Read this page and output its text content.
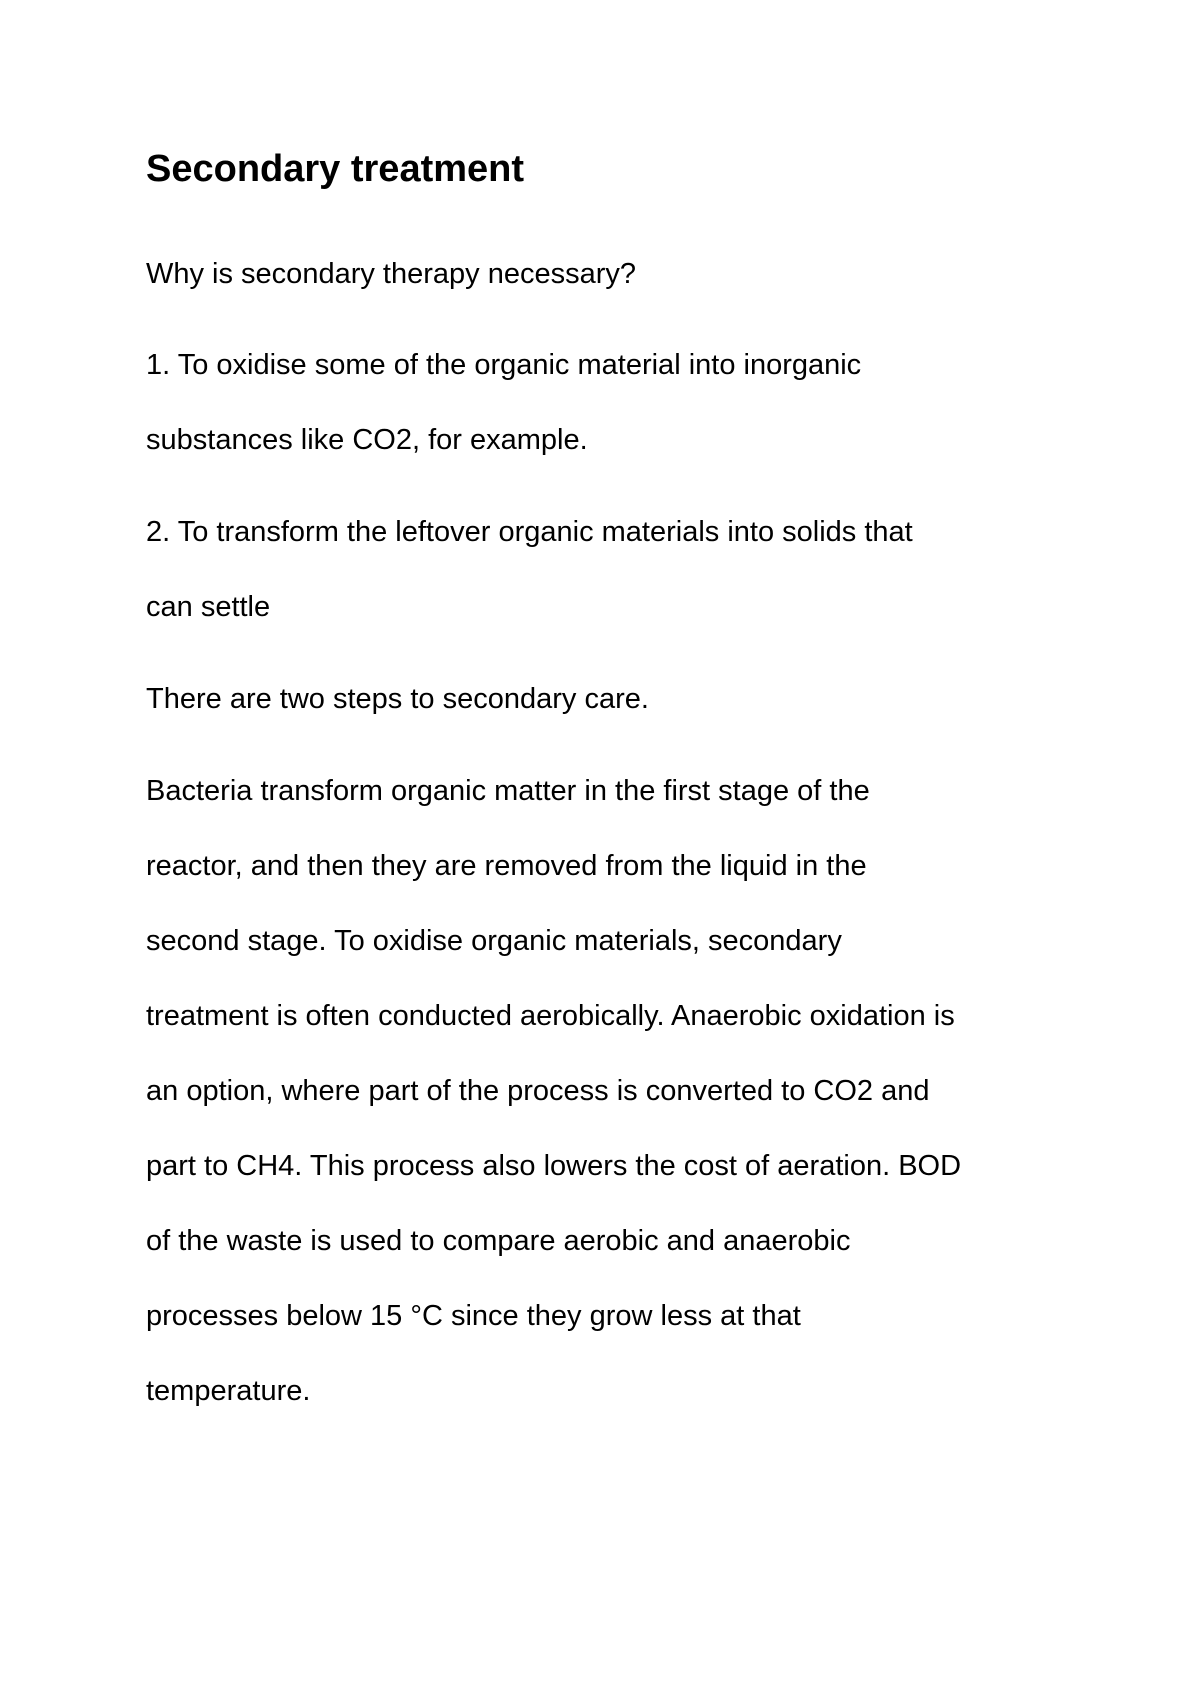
Secondary treatment

Why is secondary therapy necessary?

1. To oxidise some of the organic material into inorganic

substances like CO2, for example.

2. To transform the leftover organic materials into solids that

can settle

There are two steps to secondary care.

Bacteria transform organic matter in the first stage of the

reactor, and then they are removed from the liquid in the

second stage. To oxidise organic materials, secondary

treatment is often conducted aerobically. Anaerobic oxidation is

an option, where part of the process is converted to CO2 and

part to CH4. This process also lowers the cost of aeration. BOD

of the waste is used to compare aerobic and anaerobic

processes below 15 °C since they grow less at that

temperature.
